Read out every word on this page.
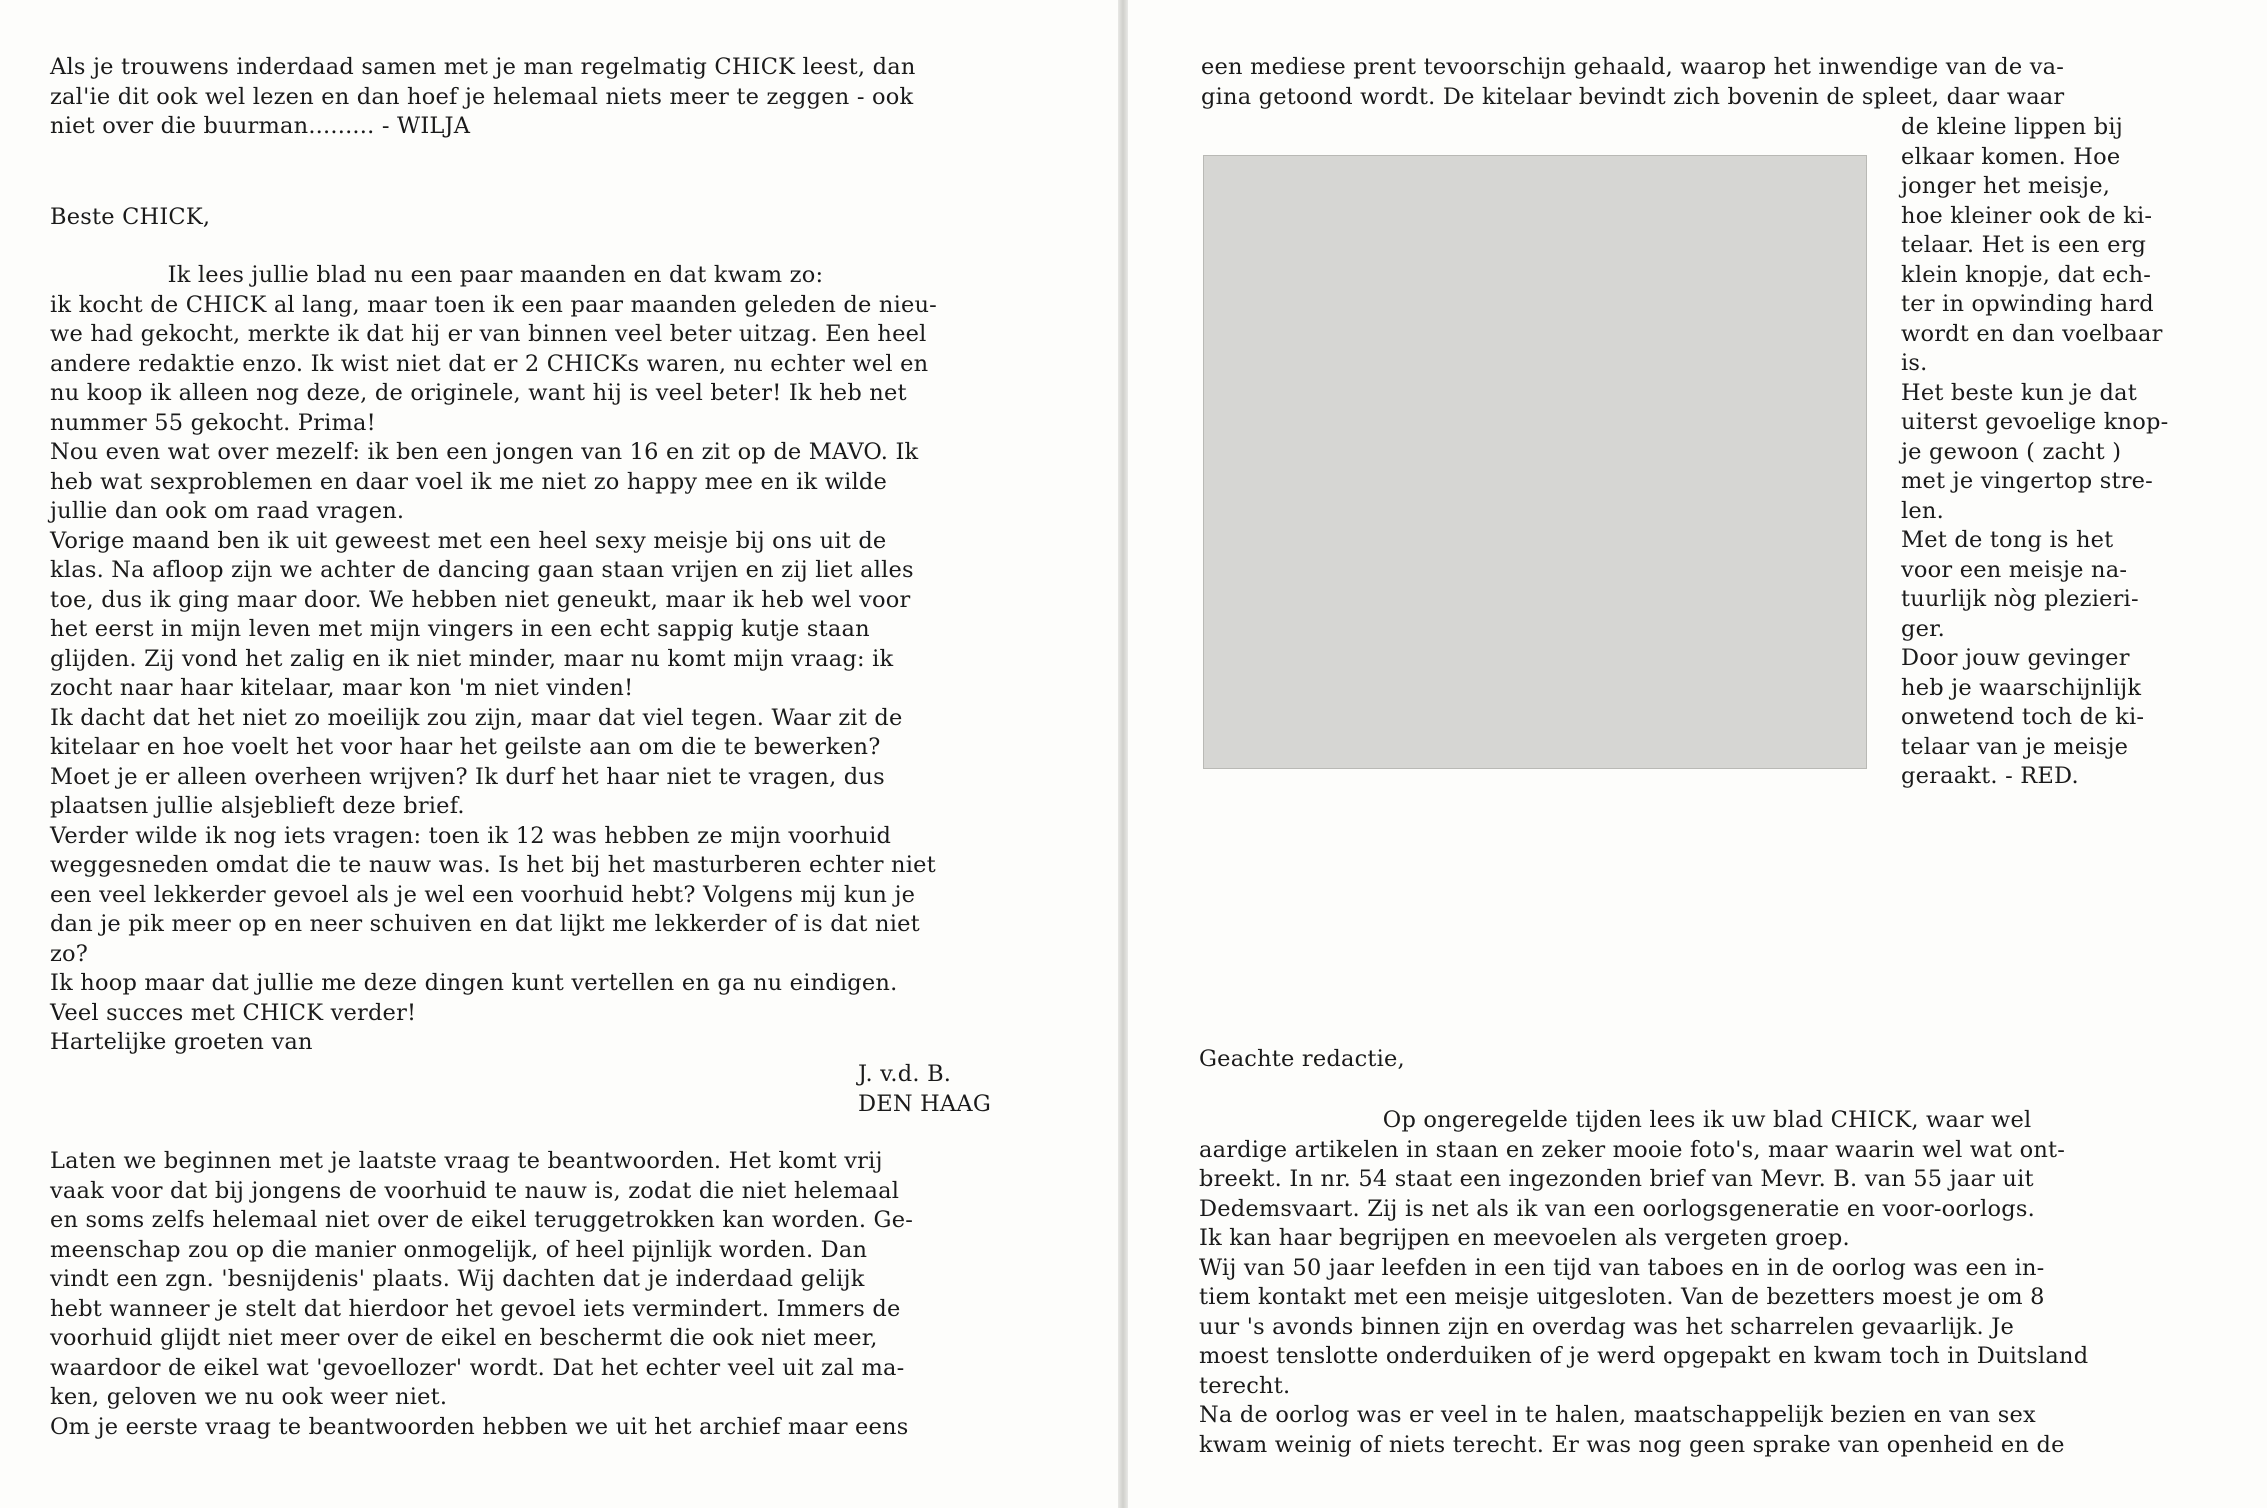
Als je trouwens inderdaad samen met je man regelmatig CHICK leest, dan
zal'ie dit ook wel lezen en dan hoef je helemaal niets meer te zeggen - ook
niet over die buurman......... - WILJA
Beste CHICK,
Ik lees jullie blad nu een paar maanden en dat kwam zo:
ik kocht de CHICK al lang, maar toen ik een paar maanden geleden de nieu-
we had gekocht, merkte ik dat hij er van binnen veel beter uitzag. Een heel
andere redaktie enzo. Ik wist niet dat er 2 CHICKs waren, nu echter wel en
nu koop ik alleen nog deze, de originele, want hij is veel beter! Ik heb net
nummer 55 gekocht. Prima!
Nou even wat over mezelf: ik ben een jongen van 16 en zit op de MAVO. Ik
heb wat sexproblemen en daar voel ik me niet zo happy mee en ik wilde
jullie dan ook om raad vragen.
Vorige maand ben ik uit geweest met een heel sexy meisje bij ons uit de
klas. Na afloop zijn we achter de dancing gaan staan vrijen en zij liet alles
toe, dus ik ging maar door. We hebben niet geneukt, maar ik heb wel voor
het eerst in mijn leven met mijn vingers in een echt sappig kutje staan
glijden. Zij vond het zalig en ik niet minder, maar nu komt mijn vraag: ik
zocht naar haar kitelaar, maar kon 'm niet vinden!
Ik dacht dat het niet zo moeilijk zou zijn, maar dat viel tegen. Waar zit de
kitelaar en hoe voelt het voor haar het geilste aan om die te bewerken?
Moet je er alleen overheen wrijven? Ik durf het haar niet te vragen, dus
plaatsen jullie alsjeblieft deze brief.
Verder wilde ik nog iets vragen: toen ik 12 was hebben ze mijn voorhuid
weggesneden omdat die te nauw was. Is het bij het masturberen echter niet
een veel lekkerder gevoel als je wel een voorhuid hebt? Volgens mij kun je
dan je pik meer op en neer schuiven en dat lijkt me lekkerder of is dat niet
zo?
Ik hoop maar dat jullie me deze dingen kunt vertellen en ga nu eindigen.
Veel succes met CHICK verder!
Hartelijke groeten van
J. v.d. B.
DEN HAAG
Laten we beginnen met je laatste vraag te beantwoorden. Het komt vrij
vaak voor dat bij jongens de voorhuid te nauw is, zodat die niet helemaal
en soms zelfs helemaal niet over de eikel teruggetrokken kan worden. Ge-
meenschap zou op die manier onmogelijk, of heel pijnlijk worden. Dan
vindt een zgn. 'besnijdenis' plaats. Wij dachten dat je inderdaad gelijk
hebt wanneer je stelt dat hierdoor het gevoel iets vermindert. Immers de
voorhuid glijdt niet meer over de eikel en beschermt die ook niet meer,
waardoor de eikel wat 'gevoellozer' wordt. Dat het echter veel uit zal ma-
ken, geloven we nu ook weer niet.
Om je eerste vraag te beantwoorden hebben we uit het archief maar eens
een mediese prent tevoorschijn gehaald, waarop het inwendige van de va-
gina getoond wordt. De kitelaar bevindt zich bovenin de spleet, daar waar
de kleine lippen bij
elkaar komen. Hoe
jonger het meisje,
hoe kleiner ook de ki-
telaar. Het is een erg
klein knopje, dat ech-
ter in opwinding hard
wordt en dan voelbaar
is.
Het beste kun je dat
uiterst gevoelige knop-
je gewoon ( zacht )
met je vingertop stre-
len.
Met de tong is het
voor een meisje na-
tuurlijk nòg plezieri-
ger.
Door jouw gevinger
heb je waarschijnlijk
onwetend toch de ki-
telaar van je meisje
geraakt. - RED.
Geachte redactie,
Op ongeregelde tijden lees ik uw blad CHICK, waar wel
aardige artikelen in staan en zeker mooie foto's, maar waarin wel wat ont-
breekt. In nr. 54 staat een ingezonden brief van Mevr. B. van 55 jaar uit
Dedemsvaart. Zij is net als ik van een oorlogsgeneratie en voor-oorlogs.
Ik kan haar begrijpen en meevoelen als vergeten groep.
Wij van 50 jaar leefden in een tijd van taboes en in de oorlog was een in-
tiem kontakt met een meisje uitgesloten. Van de bezetters moest je om 8
uur 's avonds binnen zijn en overdag was het scharrelen gevaarlijk. Je
moest tenslotte onderduiken of je werd opgepakt en kwam toch in Duitsland
terecht.
Na de oorlog was er veel in te halen, maatschappelijk bezien en van sex
kwam weinig of niets terecht. Er was nog geen sprake van openheid en de
